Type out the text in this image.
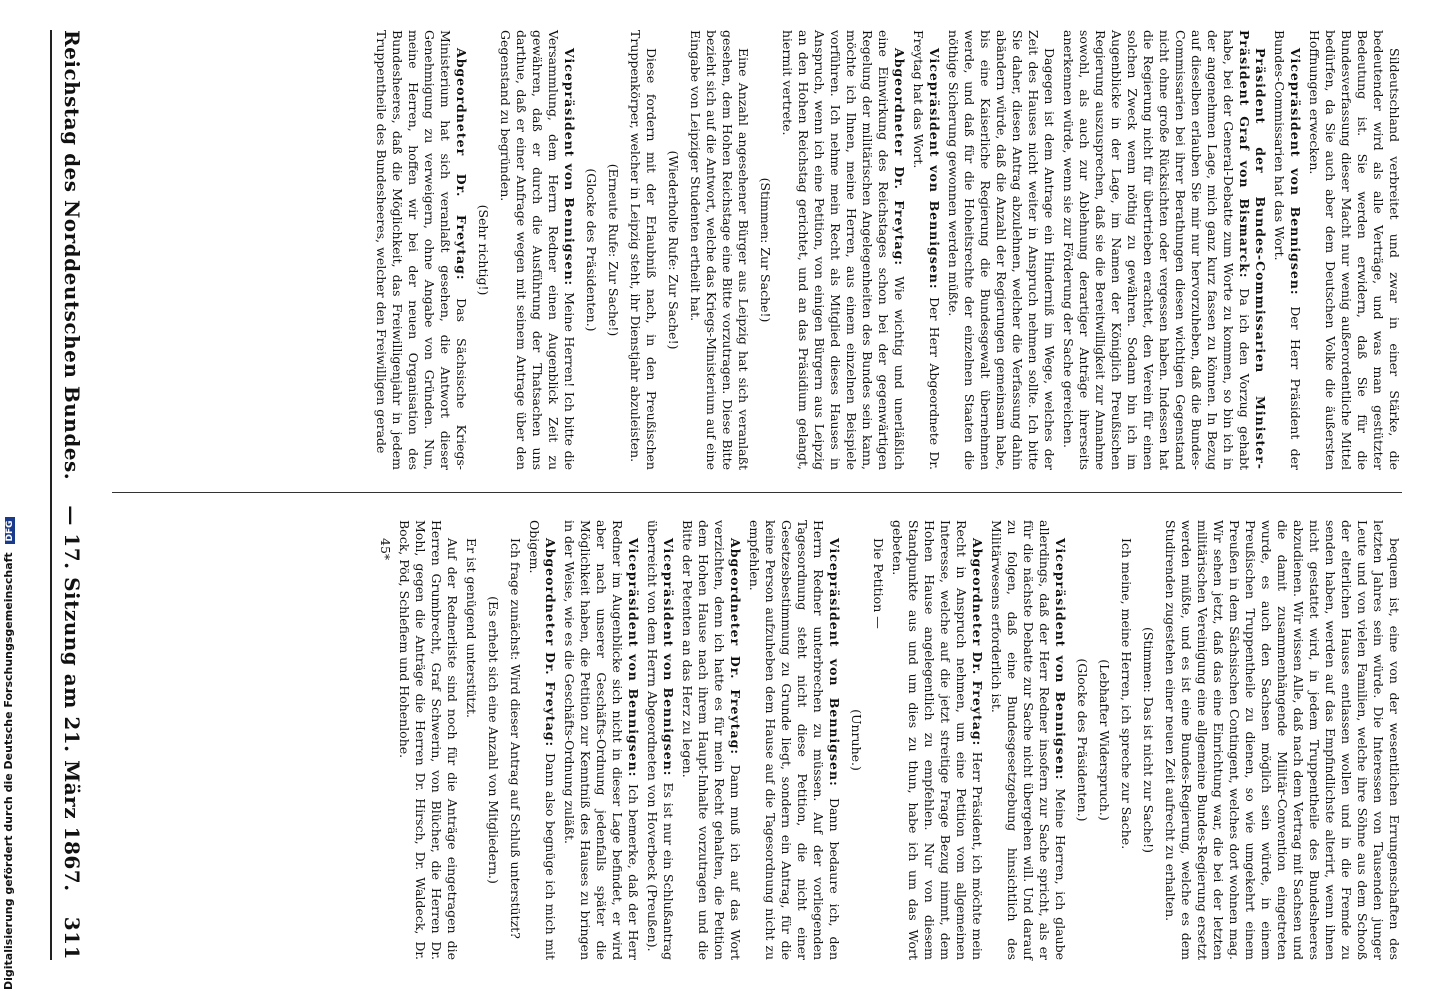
Sildeutschland verbreitet und zwar in einer Stärke, die bedeutender wird als alle Verträge, und was man gestützter Bedeutung ist. Sie werden erwidern, daß Sie für die Bundesverfassung dieser Macht nur wenig außerordentliche Mittel bedürfen, da Sie auch aber dem Deutschen Volke die äußersten Hoffnungen erwecken.

Vicepräsident von Bennigsen: Der Herr Präsident der Bundes-Commissarien hat das Wort.

Präsident der Bundes-Commissarien Minister-Präsident Graf von Bismarck: Da ich den Vorzug gehabt habe, bei der General-Debatte zum Worte zu kommen, so bin ich in der angenehmen Lage, mich ganz kurz fassen zu können. In Bezug auf dieselben erlauben Sie mir nur hervorzuheben, daß die Bundes-Commissarien bei ihrer Berathungen diesen wichtigen Gegenstand nicht ohne große Rücksichten oder vergessen haben. Indessen hat die Regierung nicht für übertrieben erachtet, den Verein für einen solchen Zweck wenn nöthig zu gewähren. Sodann bin ich im Augenblicke in der Lage, im Namen der Königlich Preußischen Regierung auszusprechen, daß sie die Bereitwilligkeit zur Annahme sowohl, als auch zur Ablehnung derartiger Anträge ihrerseits anerkennen würde, wenn sie zur Förderung der Sache gereichen.

Dagegen ist dem Antrage ein Hinderniß im Wege, welches der Zeit des Hauses nicht weiter in Anspruch nehmen sollte. Ich bitte Sie daher, diesen Antrag abzulehnen, welcher die Verfassung dahin abändern würde, daß die Anzahl der Regierungen gemeinsam habe, bis eine Kaiserliche Regierung die Bundesgewalt übernehmen werde, und daß für die Hoheitsrechte der einzelnen Staaten die nöthige Sicherung gewonnen werden müßte.

Vicepräsident von Bennigsen: Der Herr Abgeordnete Dr. Freytag hat das Wort.

Abgeordneter Dr. Freytag: Wie wichtig und unerläßlich eine Einwirkung des Reichstages schon bei der gegenwärtigen Regelung der militärischen Angelegenheiten des Bundes sein kann, möchte ich Ihnen, meine Herren, aus einem einzelnen Beispiele vorführen. Ich nehme mein Recht als Mitglied dieses Hauses in Anspruch, wenn ich eine Petition, von einigen Bürgern aus Leipzig an den Hohen Reichstag gerichtet, und an das Präsidium gelangt, hiermit vertrete.

(Stimmen: Zur Sache!)

Eine Anzahl angesehener Bürger aus Leipzig hat sich veranlaßt gesehen, dem Hohen Reichstage eine Bitte vorzutragen. Diese Bitte bezieht sich auf die Antwort, welche das Kriegs-Ministerium auf eine Eingabe von Leipziger Studenten ertheilt hat.

(Wiederholte Rufe: Zur Sache!)

Diese fordern mit der Erlaubniß nach, in den Preußischen Truppenkörper, welcher in Leipzig steht, ihr Dienstjahr abzuleisten.

(Erneute Rufe: Zur Sache!)

(Glocke des Präsidenten.)

Vicepräsident von Bennigsen: Meine Herren! Ich bitte die Versammlung, dem Herrn Redner einen Augenblick Zeit zu gewähren, daß er durch die Ausführung der Thatsachen uns darthue, daß er einer Anfrage wegen mit seinem Antrage über den Gegenstand zu begründen.

(Sehr richtig!)

Abgeordneter Dr. Freytag: Das Sächsische Kriegs-Ministerium hat sich veranlaßt gesehen, die Antwort dieser Genehmigung zu verweigern, ohne Angabe von Gründen. Nun, meine Herren, hoffen wir bei der neuen Organisation des Bundesheeres, daß die Möglichkeit, das Freiwilligenjahr in jedem Truppentheile des Bundesheeres, welcher den Freiwilligen gerade

bequem ist, eine von der wesentlichen Errungenschaften des letzten Jahres sein würde. Die Interessen von Tausenden junger Leute und von vielen Familien, welche ihre Söhne aus dem Schooß der elterlichen Hauses entlassen wollen und in die Fremde zu senden haben, werden auf das Empfindlichste alterirt, wenn ihnen nicht gestattet wird, in jedem Truppentheile des Bundesheeres abzudienen. Wir wissen Alle, daß nach dem Vertrag mit Sachsen und die damit zusammenhängende Militär-Convention eingetreten wurde, es auch den Sachsen möglich sein würde, in einem Preußischen Truppentheile zu dienen, so wie umgekehrt einem Preußen in dem Sächsischen Contingent, welches dort wohnen mag. Wir sehen jetzt, daß das eine Einrichtung war, die bei der letzten militärischen Vereinigung eine allgemeine Bundes-Regierung ersetzt werden müßte, und es ist eine Bundes-Regierung, welche es dem Studirenden zugestehen einer neuen Zeit aufrecht zu erhalten.

(Stimmen: Das ist nicht zur Sache!)

Ich meine, meine Herren, ich spreche zur Sache.

(Lebhafter Widerspruch.)

(Glocke des Präsidenten.)

Vicepräsident von Bennigsen: Meine Herren, ich glaube allerdings, daß der Herr Redner insofern zur Sache spricht, als er für die nächste Debatte zur Sache nicht übergehen will. Und darauf zu folgen, daß eine Bundesgesetzgebung hinsichtlich des Militärwesens erforderlich ist.

Abgeordneter Dr. Freytag: Herr Präsident, ich möchte mein Recht in Anspruch nehmen, um eine Petition vom allgemeinen Interesse, welche auf die jetzt streitige Frage Bezug nimmt, dem Hohen Hause angelegentlich zu empfehlen. Nur von diesem Standpunkte aus und um dies zu thun, habe ich um das Wort gebeten.

Die Petition —

(Unruhe.)

Vicepräsident von Bennigsen: Dann bedaure ich, den Herrn Redner unterbrechen zu müssen. Auf der vorliegenden Tagesordnung steht nicht diese Petition, die nicht einer Gesetzesbestimmung zu Grunde liegt, sondern ein Antrag, für die keine Person aufzuheben dem Hause auf die Tagesordnung nicht zu empfehlen.

Abgeordneter Dr. Freytag: Dann muß ich auf das Wort verzichten, denn ich hatte es für mein Recht gehalten, die Petition dem Hohen Hause nach ihrem Haupt-Inhalte vorzutragen und die Bitte der Petenten an das Herz zu legen.

Vicepräsident von Bennigsen: Es ist nur ein Schlußantrag überreicht von dem Herrn Abgeordneten von Hoverbeck (Preußen).

Vicepräsident von Bennigsen: Ich bemerke, daß der Herr Redner im Augenblicke sich nicht in dieser Lage befindet, er wird aber nach unserer Geschäfts-Ordnung jedenfalls später die Möglichkeit haben, die Petition zur Kenntniß des Hauses zu bringen in der Weise, wie es die Geschäfts-Ordnung zuläßt.

Abgeordneter Dr. Freytag: Dann also begnüge ich mich mit Obigem.

Ich frage zunächst: Wird dieser Antrag auf Schluß unterstützt?

(Es erhebt sich eine Anzahl von Mitgliedern.)

Er ist genügend unterstützt.

Auf der Rednerliste sind noch für die Anträge eingetragen die Herren Grumbrecht, Graf Schwerin, von Blücher, die Herren Dr. Mohl, gegen die Anträge die Herren Dr. Hirsch, Dr. Waldeck, Dr. Bock, Pöd, Schlefiem und Hohenlohe.

45*

Reichstag des Norddeutschen Bundes.
— 17. Sitzung am 21. März 1867.
311
Digitalisierung gefördert durch die Deutsche Forschungsgemeinschaft DFG
